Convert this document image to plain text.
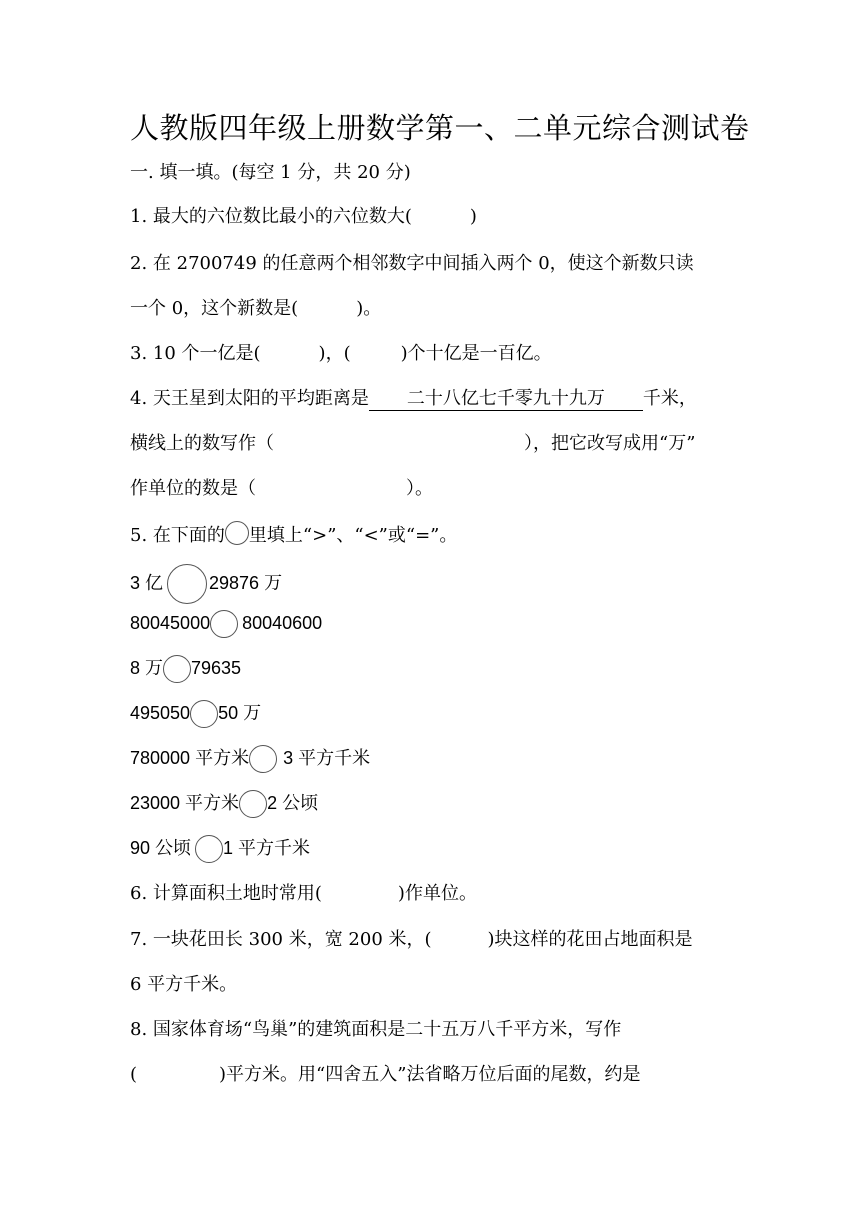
人教版四年级上册数学第一、二单元综合测试卷
一. 填一填。(每空 1 分，共 20 分)
1. 最大的六位数比最小的六位数大(	)
2. 在 2700749 的任意两个相邻数字中间插入两个 0，使这个新数只读
一个 0，这个新数是(	)。
3. 10 个一亿是(	)，(	)个十亿是一百亿。
4. 天王星到太阳的平均距离是 二十八亿七千零九十九万 千米，
横线上的数写作（	），把它改写成用“万”
作单位的数是（	）。
5. 在下面的 里填上“>”、“<”或“=”。
3 亿	29876 万
80045000 80040600
8 万 79635
495050 50 万
780000 平方米 3 平方千米
23000 平方米 2 公顷
90 公顷 1 平方千米
6. 计算面积土地时常用(	)作单位。
7. 一块花田长 300 米，宽 200 米，(	)块这样的花田占地面积是
6 平方千米。
8. 国家体育场“鸟巢”的建筑面积是二十五万八千平方米，写作
(	)平方米。用“四舍五入”法省略万位后面的尾数，约是
